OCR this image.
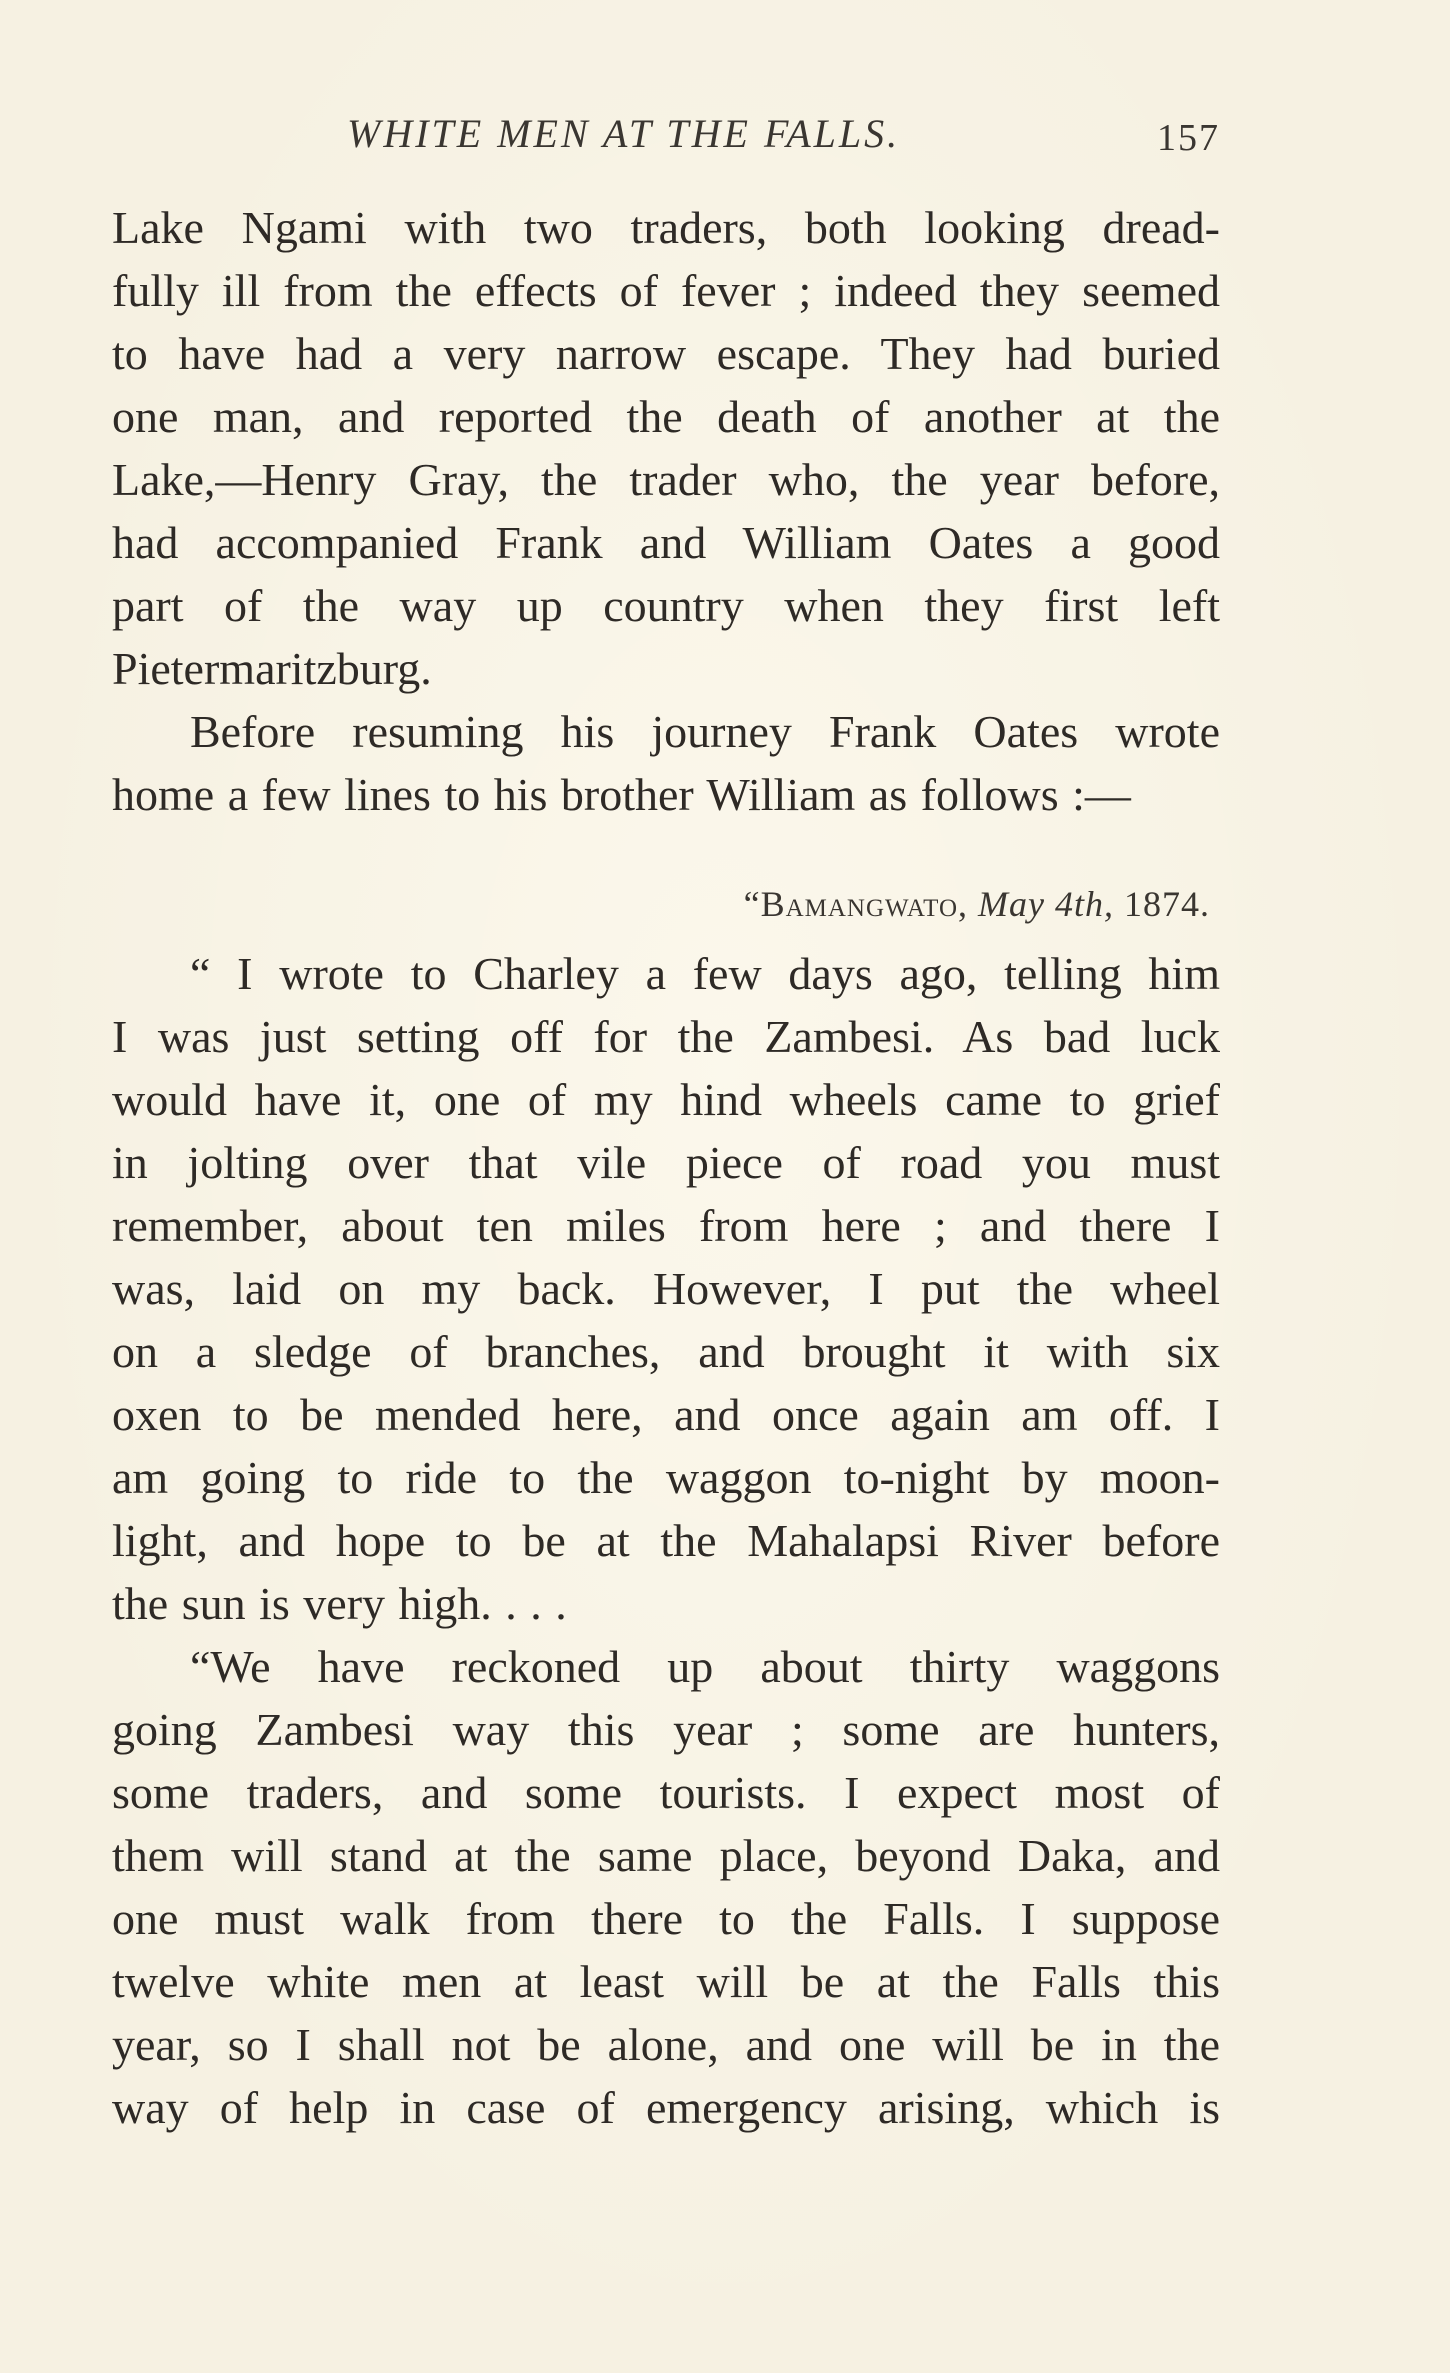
WHITE MEN AT THE FALLS.	157
Lake Ngami with two traders, both looking dread-
fully ill from the effects of fever ; indeed they seemed
to have had a very narrow escape. They had buried
one man, and reported the death of another at the
Lake,—Henry Gray, the trader who, the year before,
had accompanied Frank and William Oates a good
part of the way up country when they first left
Pietermaritzburg.
Before resuming his journey Frank Oates wrote
home a few lines to his brother William as follows :—
“Bamangwato, May 4th, 1874.
“ I wrote to Charley a few days ago, telling him
I was just setting off for the Zambesi. As bad luck
would have it, one of my hind wheels came to grief
in jolting over that vile piece of road you must
remember, about ten miles from here ; and there I
was, laid on my back. However, I put the wheel
on a sledge of branches, and brought it with six
oxen to be mended here, and once again am off. I
am going to ride to the waggon to-night by moon-
light, and hope to be at the Mahalapsi River before
the sun is very high. . . .
“We have reckoned up about thirty waggons
going Zambesi way this year ; some are hunters,
some traders, and some tourists. I expect most of
them will stand at the same place, beyond Daka, and
one must walk from there to the Falls. I suppose
twelve white men at least will be at the Falls this
year, so I shall not be alone, and one will be in the
way of help in case of emergency arising, which is
